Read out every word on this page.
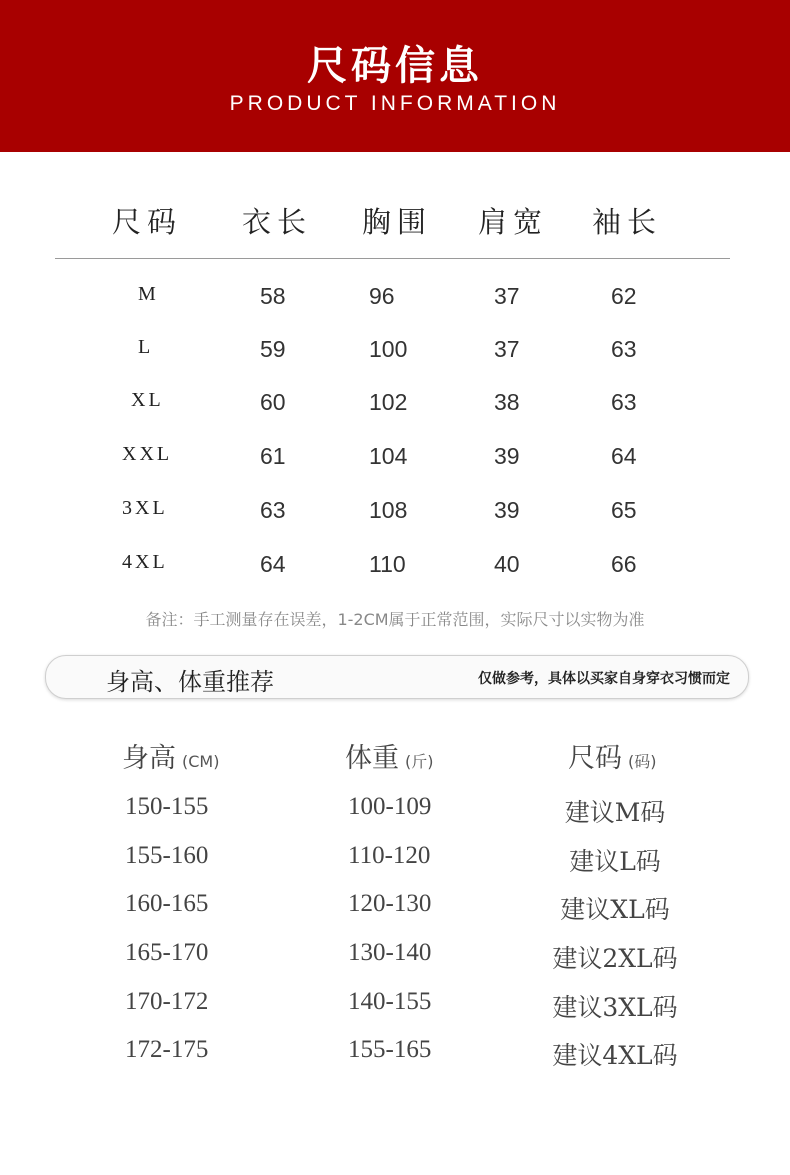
尺码信息
PRODUCT INFORMATION
尺码 衣长 胸围 肩宽 袖长
M	58	96	37	62
L	59	100	37	63
XL	60	102	38	63
XXL	61	104	39	64
3XL	63	108	39	65
4XL	64	110	40	66
备注：手工测量存在误差，1-2CM属于正常范围，实际尺寸以实物为准
身高、体重推荐	仅做参考，具体以买家自身穿衣习惯而定
身高 (CM)	体重 (斤)	尺码 (码)
150-155	100-109	建议M码
155-160	110-120	建议L码
160-165	120-130	建议XL码
165-170	130-140	建议2XL码
170-172	140-155	建议3XL码
172-175	155-165	建议4XL码
